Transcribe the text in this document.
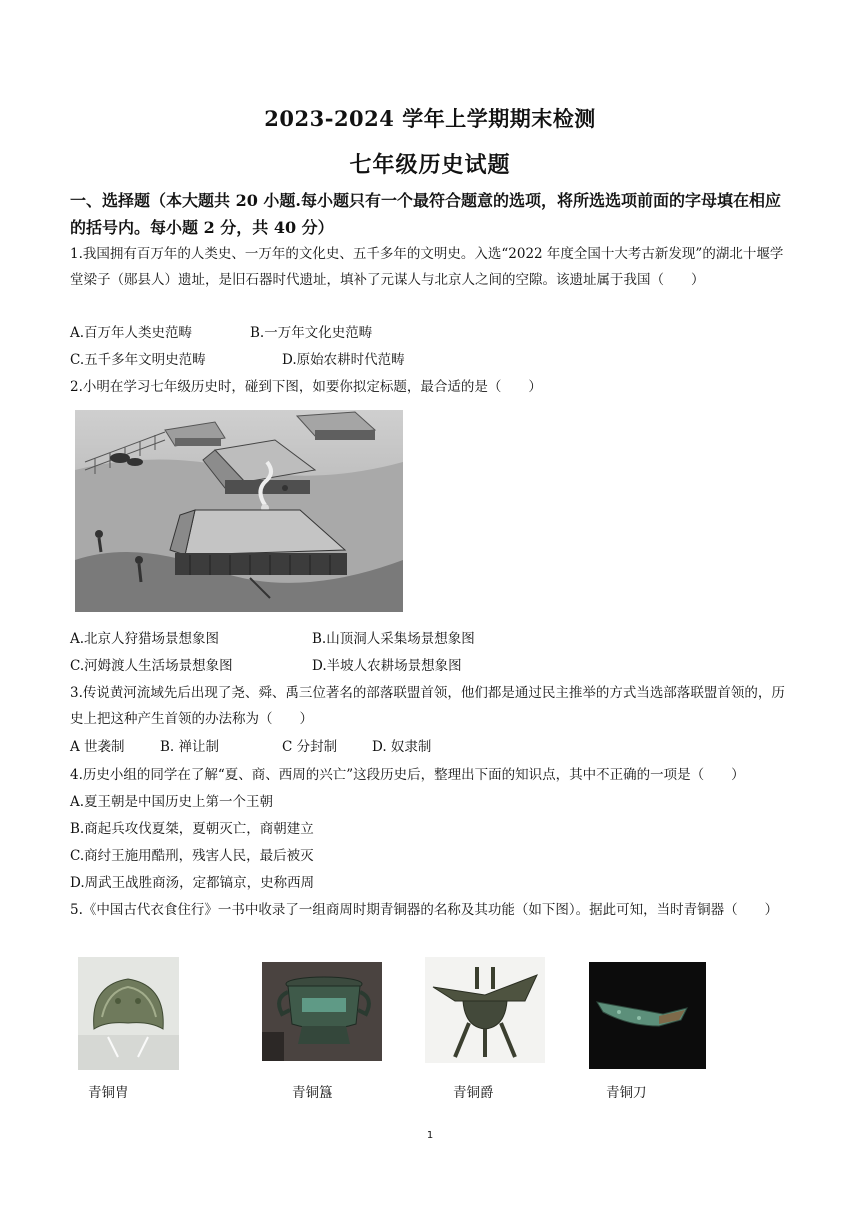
2023-2024 学年上学期期末检测
七年级历史试题
一、选择题（本大题共 20 小题.每小题只有一个最符合题意的选项，将所选选项前面的字母填在相应的括号内。每小题 2 分，共 40 分）
1.我国拥有百万年的人类史、一万年的文化史、五千多年的文明史。入选“2022 年度全国十大考古新发现”的湖北十堰学堂梁子（郧县人）遗址，是旧石器时代遗址，填补了元谋人与北京人之间的空隙。该遗址属于我国（　　）
A.百万年人类史范畴	B.一万年文化史范畴
C.五千多年文明史范畴	D.原始农耕时代范畴
2.小明在学习七年级历史时，碰到下图，如要你拟定标题，最合适的是（　　）
A.北京人狩猎场景想象图	B.山顶洞人采集场景想象图
C.河姆渡人生活场景想象图	D.半坡人农耕场景想象图
3.传说黄河流域先后出现了尧、舜、禹三位著名的部落联盟首领，他们都是通过民主推举的方式当选部落联盟首领的，历史上把这种产生首领的办法称为（　　）
A 世袭制	B. 禅让制	C 分封制	D. 奴隶制
4.历史小组的同学在了解“夏、商、西周的兴亡”这段历史后，整理出下面的知识点，其中不正确的一项是（　　）
A.夏王朝是中国历史上第一个王朝
B.商起兵攻伐夏桀，夏朝灭亡，商朝建立
C.商纣王施用酷刑，残害人民，最后被灭
D.周武王战胜商汤，定都镐京，史称西周
5.《中国古代衣食住行》一书中收录了一组商周时期青铜器的名称及其功能（如下图）。据此可知，当时青铜器（　　）
青铜胄	青铜簋	青铜爵	青铜刀
1
